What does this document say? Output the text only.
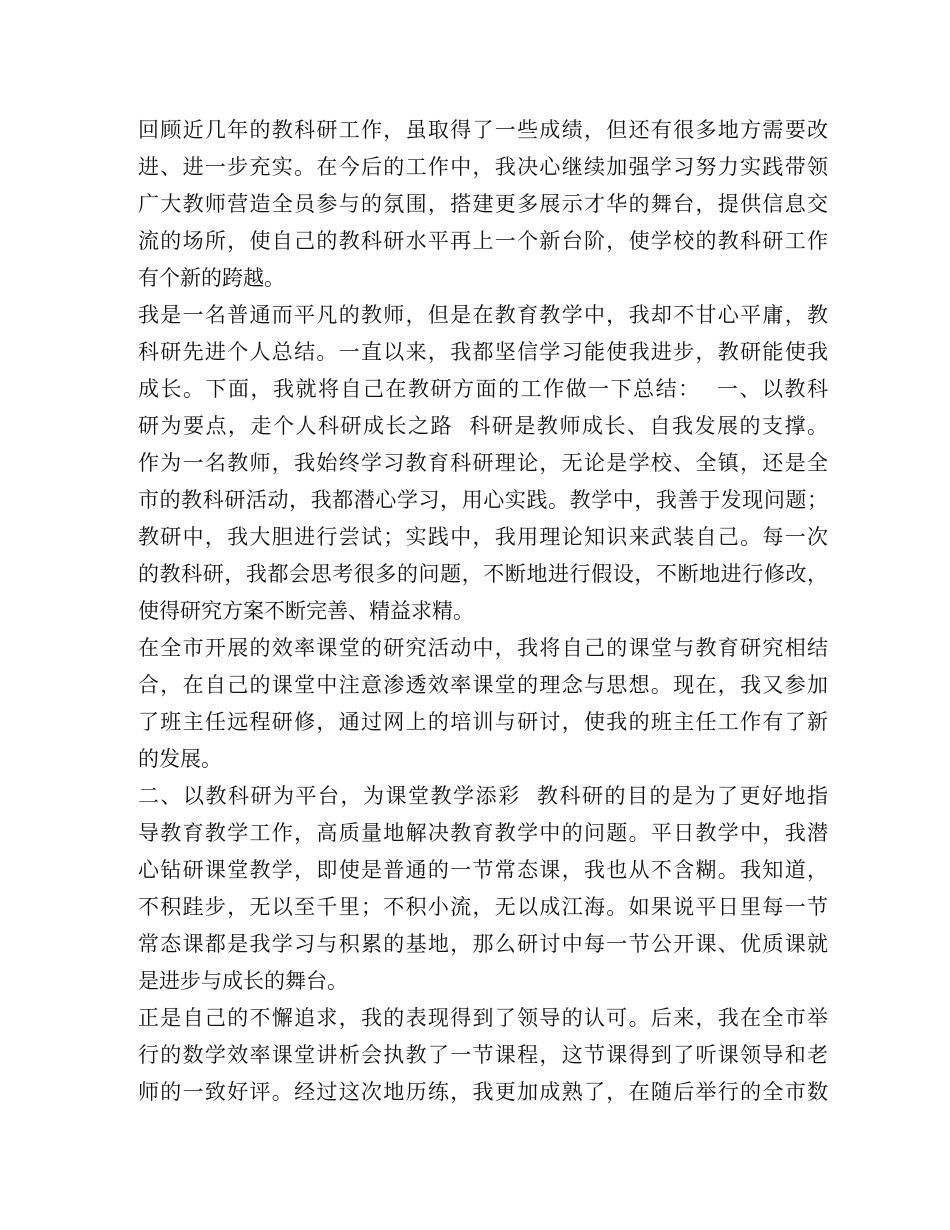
回顾近几年的教科研工作，虽取得了一些成绩，但还有很多地方需要改
进、进一步充实。在今后的工作中，我决心继续加强学习努力实践带领
广大教师营造全员参与的氛围，搭建更多展示才华的舞台，提供信息交
流的场所，使自己的教科研水平再上一个新台阶，使学校的教科研工作
有个新的跨越。
我是一名普通而平凡的教师，但是在教育教学中，我却不甘心平庸，教
科研先进个人总结。一直以来，我都坚信学习能使我进步，教研能使我
成长。下面，我就将自己在教研方面的工作做一下总结：  一、以教科
研为要点，走个人科研成长之路  科研是教师成长、自我发展的支撑。
作为一名教师，我始终学习教育科研理论，无论是学校、全镇，还是全
市的教科研活动，我都潜心学习，用心实践。教学中，我善于发现问题；
教研中，我大胆进行尝试；实践中，我用理论知识来武装自己。每一次
的教科研，我都会思考很多的问题，不断地进行假设，不断地进行修改，
使得研究方案不断完善、精益求精。
在全市开展的效率课堂的研究活动中，我将自己的课堂与教育研究相结
合，在自己的课堂中注意渗透效率课堂的理念与思想。现在，我又参加
了班主任远程研修，通过网上的培训与研讨，使我的班主任工作有了新
的发展。
二、以教科研为平台，为课堂教学添彩  教科研的目的是为了更好地指
导教育教学工作，高质量地解决教育教学中的问题。平日教学中，我潜
心钻研课堂教学，即使是普通的一节常态课，我也从不含糊。我知道，
不积跬步，无以至千里；不积小流，无以成江海。如果说平日里每一节
常态课都是我学习与积累的基地，那么研讨中每一节公开课、优质课就
是进步与成长的舞台。
正是自己的不懈追求，我的表现得到了领导的认可。后来，我在全市举
行的数学效率课堂讲析会执教了一节课程，这节课得到了听课领导和老
师的一致好评。经过这次地历练，我更加成熟了，在随后举行的全市数
